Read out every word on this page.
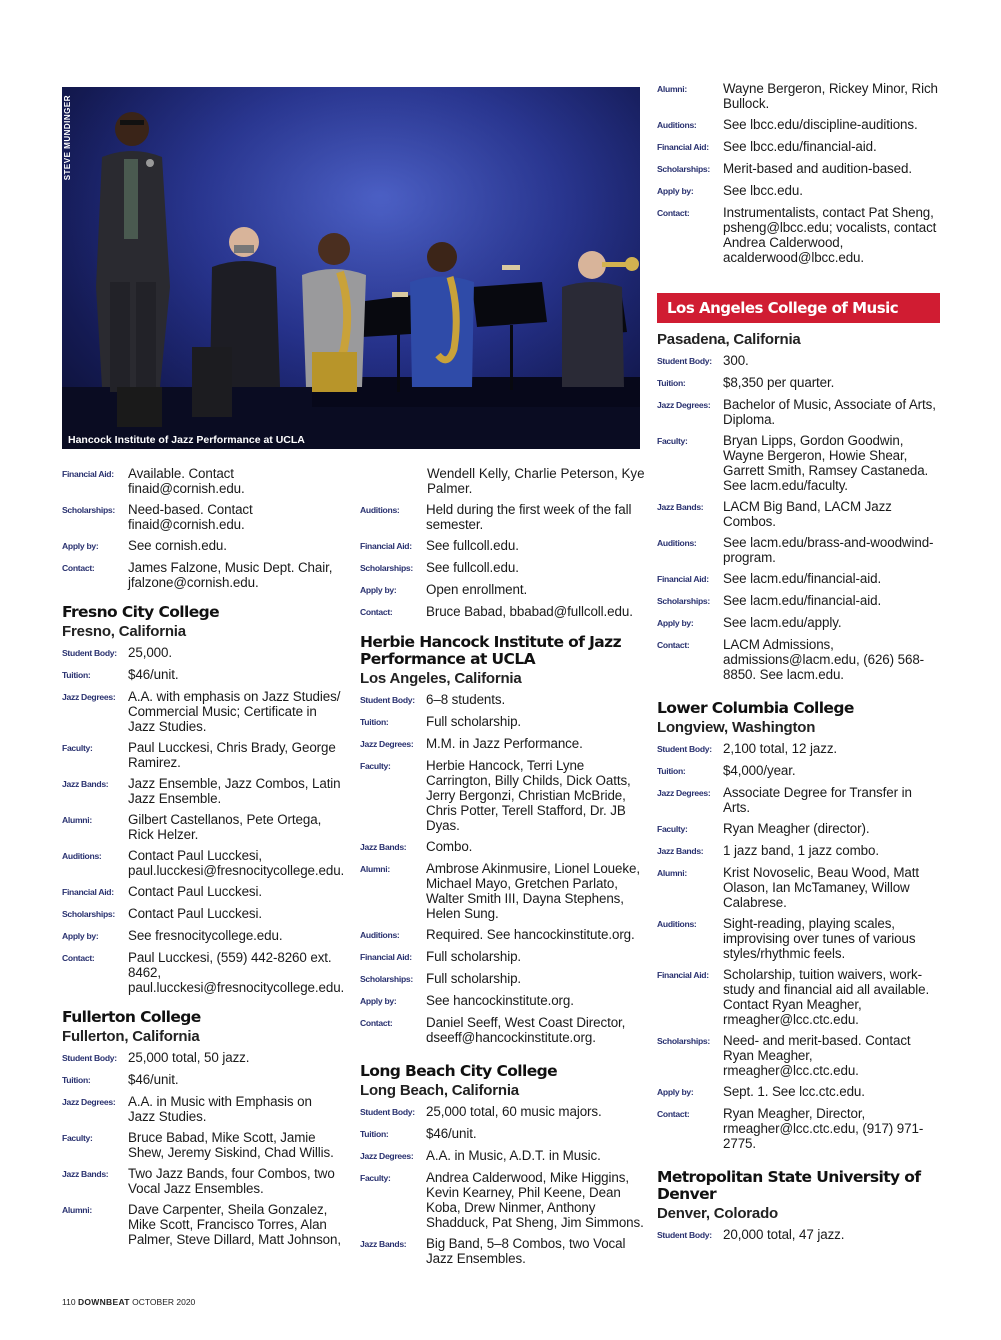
STEVE MUNDINGER
Hancock Institute of Jazz Performance at UCLA
Financial Aid:	Available. Contact finaid@cornish.edu.
Scholarships: Need-based. Contact finaid@cornish.edu.
Apply by:	See cornish.edu.
Contact:	James Falzone, Music Dept. Chair, jfalzone@cornish.edu.
Fresno City College
Fresno, California
Student Body: 25,000.
Tuition:	$46/unit.
Jazz Degrees: A.A. with emphasis on Jazz Studies/ Commercial Music; Certificate in Jazz Studies.
Faculty:	Paul Lucckesi, Chris Brady, George Ramirez.
Jazz Bands:	Jazz Ensemble, Jazz Combos, Latin Jazz Ensemble.
Alumni:	Gilbert Castellanos, Pete Ortega, Rick Helzer.
Auditions:	Contact Paul Lucckesi, paul.lucckesi@fresnocitycollege.edu.
Financial Aid:	Contact Paul Lucckesi.
Scholarships: Contact Paul Lucckesi.
Apply by:	See fresnocitycollege.edu.
Contact:	Paul Lucckesi, (559) 442-8260 ext. 8462, paul.lucckesi@fresnocitycollege.edu.
Fullerton College
Fullerton, California
Student Body: 25,000 total, 50 jazz.
Tuition:	$46/unit.
Jazz Degrees: A.A. in Music with Emphasis on Jazz Studies.
Faculty:	Bruce Babad, Mike Scott, Jamie Shew, Jeremy Siskind, Chad Willis.
Jazz Bands:	Two Jazz Bands, four Combos, two Vocal Jazz Ensembles.
Alumni:	Dave Carpenter, Sheila Gonzalez, Mike Scott, Francisco Torres, Alan Palmer, Steve Dillard, Matt Johnson,
Wendell Kelly, Charlie Peterson, Kye Palmer.
Auditions:	Held during the first week of the fall semester.
Financial Aid:	See fullcoll.edu.
Scholarships: See fullcoll.edu.
Apply by:	Open enrollment.
Contact:	Bruce Babad, bbabad@fullcoll.edu.
Herbie Hancock Institute of Jazz Performance at UCLA
Los Angeles, California
Student Body: 6–8 students.
Tuition:	Full scholarship.
Jazz Degrees: M.M. in Jazz Performance.
Faculty:	Herbie Hancock, Terri Lyne Carrington, Billy Childs, Dick Oatts, Jerry Bergonzi, Christian McBride, Chris Potter, Terell Stafford, Dr. JB Dyas.
Jazz Bands:	Combo.
Alumni:	Ambrose Akinmusire, Lionel Loueke, Michael Mayo, Gretchen Parlato, Walter Smith III, Dayna Stephens, Helen Sung.
Auditions:	Required. See hancockinstitute.org.
Financial Aid:	Full scholarship.
Scholarships: Full scholarship.
Apply by:	See hancockinstitute.org.
Contact:	Daniel Seeff, West Coast Director, dseeff@hancockinstitute.org.
Long Beach City College
Long Beach, California
Student Body: 25,000 total, 60 music majors.
Tuition:	$46/unit.
Jazz Degrees: A.A. in Music, A.D.T. in Music.
Faculty:	Andrea Calderwood, Mike Higgins, Kevin Kearney, Phil Keene, Dean Koba, Drew Ninmer, Anthony Shadduck, Pat Sheng, Jim Simmons.
Jazz Bands:	Big Band, 5–8 Combos, two Vocal Jazz Ensembles.
Alumni:	Wayne Bergeron, Rickey Minor, Rich Bullock.
Auditions:	See lbcc.edu/discipline-auditions.
Financial Aid:	See lbcc.edu/financial-aid.
Scholarships: Merit-based and audition-based.
Apply by:	See lbcc.edu.
Contact:	Instrumentalists, contact Pat Sheng, psheng@lbcc.edu; vocalists, contact Andrea Calderwood, acalderwood@lbcc.edu.
Los Angeles College of Music
Pasadena, California
Student Body: 300.
Tuition:	$8,350 per quarter.
Jazz Degrees: Bachelor of Music, Associate of Arts, Diploma.
Faculty:	Bryan Lipps, Gordon Goodwin, Wayne Bergeron, Howie Shear, Garrett Smith, Ramsey Castaneda. See lacm.edu/faculty.
Jazz Bands:	LACM Big Band, LACM Jazz Combos.
Auditions:	See lacm.edu/brass-and-woodwind-program.
Financial Aid:	See lacm.edu/financial-aid.
Scholarships: See lacm.edu/financial-aid.
Apply by:	See lacm.edu/apply.
Contact:	LACM Admissions, admissions@lacm.edu, (626) 568-8850. See lacm.edu.
Lower Columbia College
Longview, Washington
Student Body: 2,100 total, 12 jazz.
Tuition:	$4,000/year.
Jazz Degrees: Associate Degree for Transfer in Arts.
Faculty:	Ryan Meagher (director).
Jazz Bands:	1 jazz band, 1 jazz combo.
Alumni:	Krist Novoselic, Beau Wood, Matt Olason, Ian McTamaney, Willow Calabrese.
Auditions:	Sight-reading, playing scales, improvising over tunes of various styles/rhythmic feels.
Financial Aid:	Scholarship, tuition waivers, work-study and financial aid all available. Contact Ryan Meagher, rmeagher@lcc.ctc.edu.
Scholarships: Need- and merit-based. Contact Ryan Meagher, rmeagher@lcc.ctc.edu.
Apply by:	Sept. 1. See lcc.ctc.edu.
Contact:	Ryan Meagher, Director, rmeagher@lcc.ctc.edu, (917) 971-2775.
Metropolitan State University of Denver
Denver, Colorado
Student Body: 20,000 total, 47 jazz.
110 DOWNBEAT OCTOBER 2020
